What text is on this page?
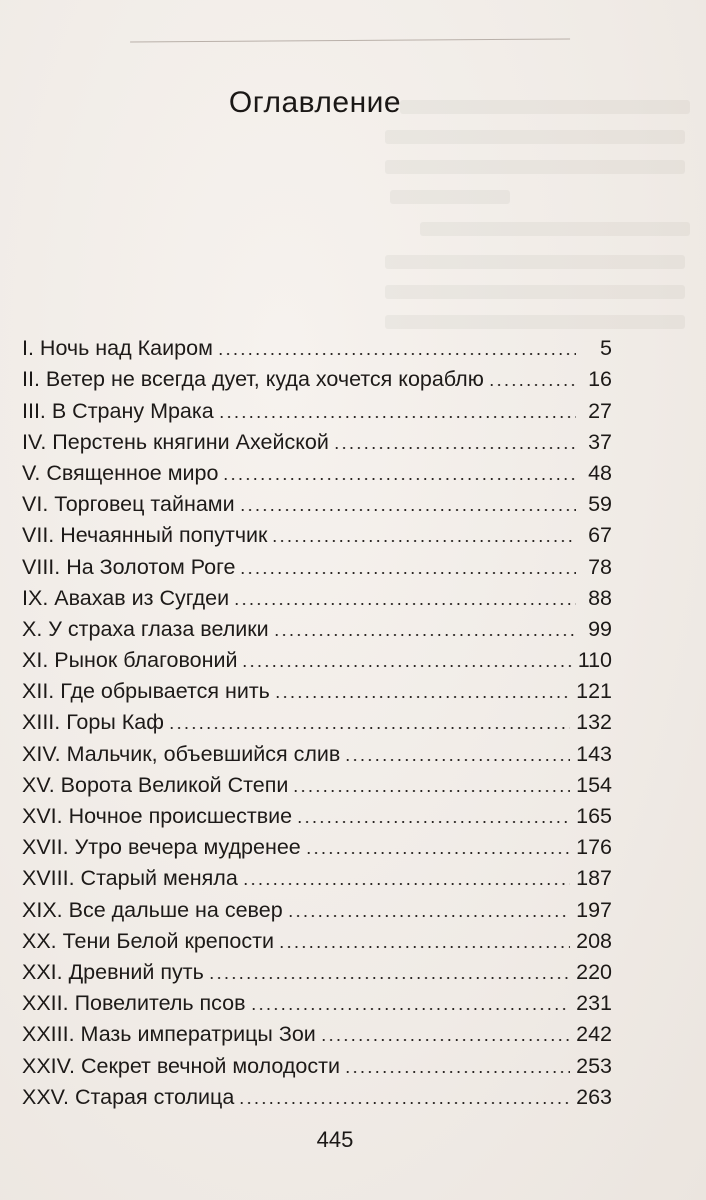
Оглавление
I. Ночь над Каиром	5
II. Ветер не всегда дует, куда хочется кораблю	16
III. В Страну Мрака	27
IV. Перстень княгини Ахейской	37
V. Священное миро	48
VI. Торговец тайнами	59
VII. Нечаянный попутчик	67
VIII. На Золотом Роге	78
IX. Авахав из Сугдеи	88
X. У страха глаза велики	99
XI. Рынок благовоний	110
XII. Где обрывается нить	121
XIII. Горы Каф	132
XIV. Мальчик, объевшийся слив	143
XV. Ворота Великой Степи	154
XVI. Ночное происшествие	165
XVII. Утро вечера мудренее	176
XVIII. Старый меняла	187
XIX. Все дальше на север	197
XX. Тени Белой крепости	208
XXI. Древний путь	220
XXII. Повелитель псов	231
XXIII. Мазь императрицы Зои	242
XXIV. Секрет вечной молодости	253
XXV. Старая столица	263
445
